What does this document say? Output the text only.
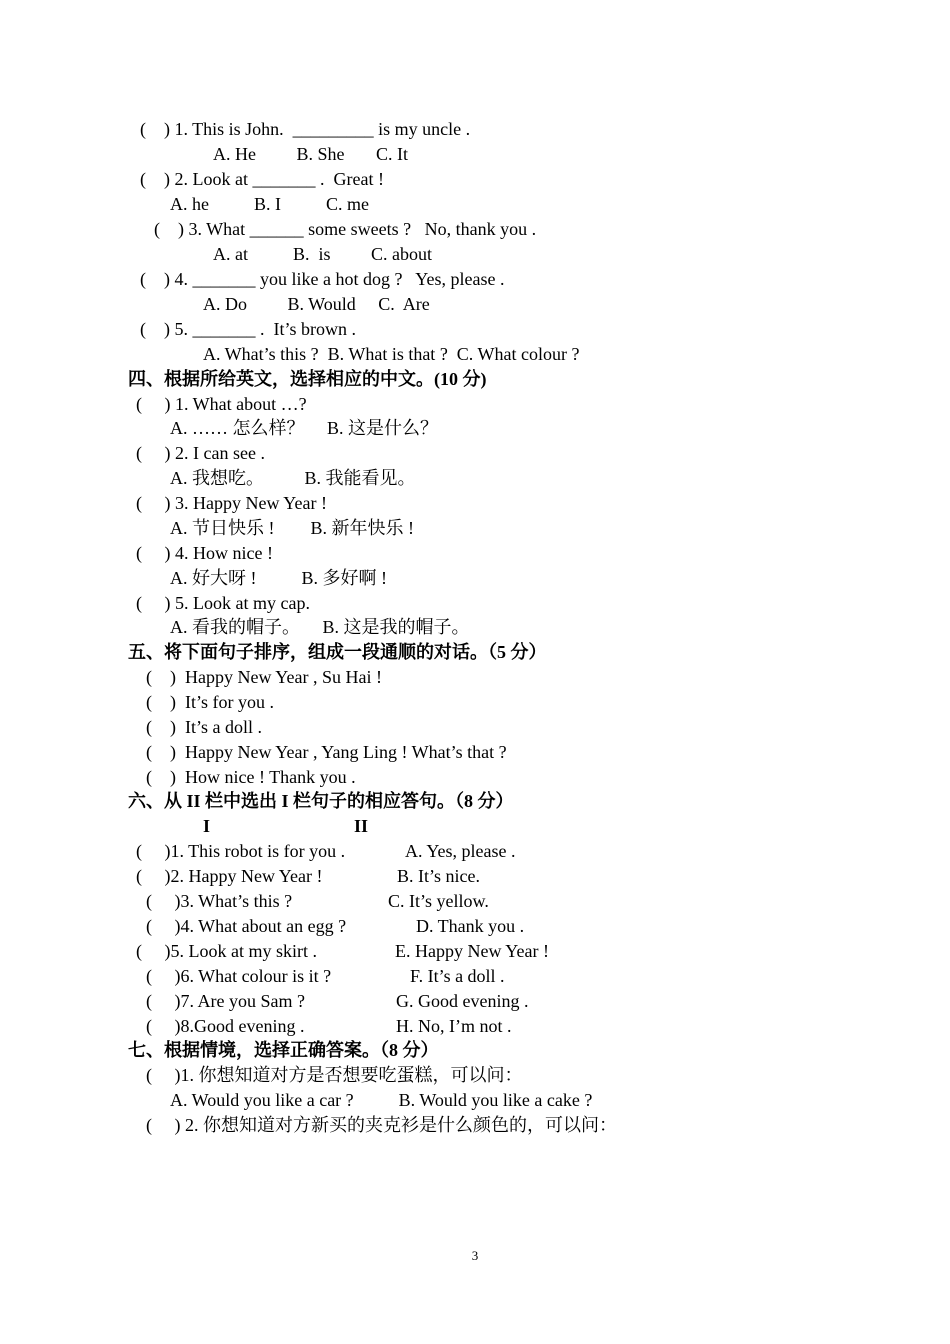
(    ) 1. This is John.  _________ is my uncle .
A. He         B. She       C. It
(    ) 2. Look at _______ .  Great !
A. he          B. I          C. me
(    ) 3. What ______ some sweets ?   No, thank you .
A. at          B.  is         C. about
(    ) 4. _______ you like a hot dog ?   Yes, please .
A. Do         B. Would     C.  Are
(    ) 5. _______ .  It’s brown .
A. What’s this ?  B. What is that ?  C. What colour ?
四、根据所给英文，选择相应的中文。(10 分)
(     ) 1. What about …?
A. …… 怎么样？     B. 这是什么？
(     ) 2. I can see .
A. 我想吃。         B. 我能看见。
(     ) 3. Happy New Year !
A. 节日快乐 !        B. 新年快乐 !
(     ) 4. How nice !
A. 好大呀 !          B. 多好啊 !
(     ) 5. Look at my cap.
A. 看我的帽子。     B. 这是我的帽子。
五、将下面句子排序，组成一段通顺的对话。（5 分）
(    )  Happy New Year , Su Hai !
(    )  It’s for you .
(    )  It’s a doll .
(    )  Happy New Year , Yang Ling ! What’s that ?
(    )  How nice ! Thank you .
六、从 II 栏中选出 I 栏句子的相应答句。（8 分）
I	II
(     )1. This robot is for you .	A. Yes, please .
(     )2. Happy New Year !	B. It’s nice.
(     )3. What’s this ?	C. It’s yellow.
(     )4. What about an egg ?	D. Thank you .
(     )5. Look at my skirt .	E. Happy New Year !
(     )6. What colour is it ?	F. It’s a doll .
(     )7. Are you Sam ?	G. Good evening .
(     )8.Good evening .	H. No, I’m not .
七、根据情境，选择正确答案。（8 分）
(     )1. 你想知道对方是否想要吃蛋糕，可以问：
A. Would you like a car ?          B. Would you like a cake ?
(     ) 2. 你想知道对方新买的夹克衫是什么颜色的，可以问：
3
